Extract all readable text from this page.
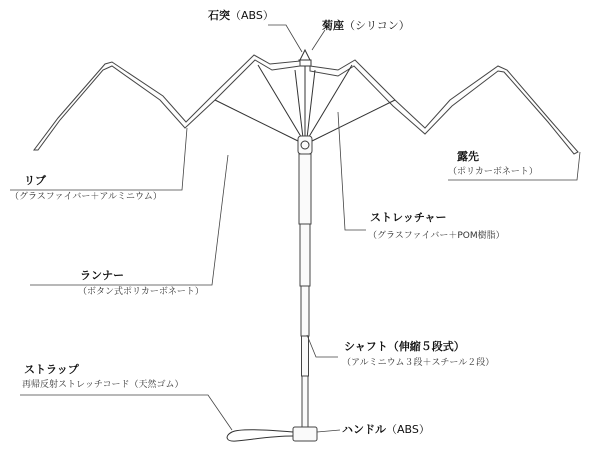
石突（ABS）
菊座（シリコン）
リブ
（グラスファイバー＋アルミニウム）
ランナー
（ボタン式ポリカーボネート）
ストレッチャー
（グラスファイバー＋POM樹脂）
露先
（ポリカーボネート）
シャフト（伸縮５段式）
（アルミニウム３段＋スチール２段）
ストラップ
再帰反射ストレッチコード（天然ゴム）
ハンドル（ABS）
